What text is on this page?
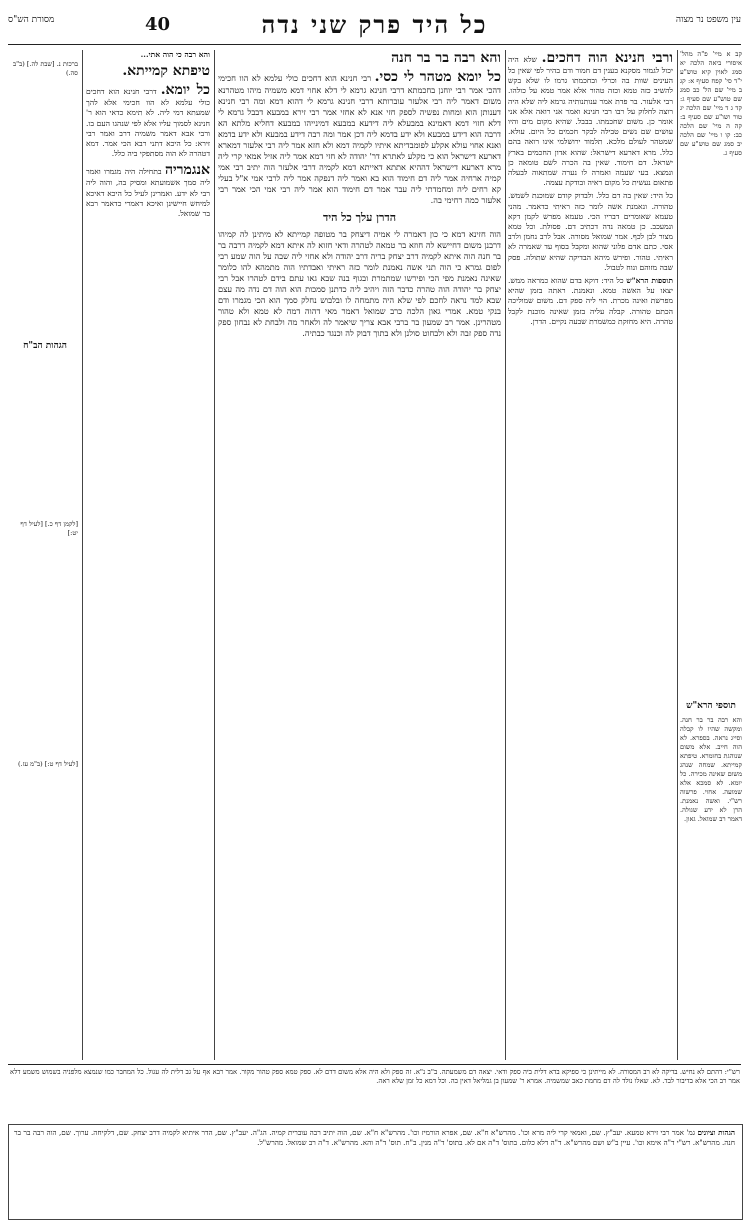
עין משפט נר מצוה
כל היד פרק שני נדה
40
מסורת הש"ס

קב א מיי' פ"ה מהל' איסורי ביאה הלכה יא סמג לאוין קיא טוש"ע י"ד סי' קפח סעיף א: קג ב מיי' שם הל' כב סמג שם טוש"ע שם סעיף ג: קד ג ד מיי' שם הלכה יג טור ושו"ע שם סעיף ב: קה ה מיי' שם הלכה כב: קו ו מיי' שם הלכה יב סמג שם טוש"ע שם סעיף ג.

תוספי הרא"ש

והא רבה בר בר חנה. ומקשה שהיו לו קבלה וסייג נראה. בספרא. לא הוה חייב. אלא משום שנוהגת בחומרא. טיפתא קמייתא. שמחה שנהג משום שאינה מכירה. כל יומא. לא סמכא אלא שמועה. אחוי. פרשוה רש"י. ואשה נאמנת. הרן לא ידע שגולה. דאמר רב שמואל. גאון.

ורבי חנינא הוה דחכים. שלא היה יכול לגמור מסקנא בענין דם חמור ודם בהיר לפי שאין כל העינים שוות בה וכרלי ובחכמתו גרמו לו שלא בקש להשיב כזה טמא וכזה טהור אלא אמר טמא על כולהו. רבי אלעזר. בר פדת אמר ענותנותיה גרמא ליה שלא היה רוצה לחלוק על רבו רבי חנינא ואמר אני רואה אלא אני אומר כן. משום שחכמתו. בבבל. שהיא מקום מים והיו עושים שם נשים טבילה לבקר חכמים כל היום. עולא. שמטהר לעולם מלכא. תלמוד ירושלמי אינו רואה בהם כלל. מרא דארעא דישראל: שהוא אדון החכמים בארץ ישראל. דם חימוד. שאין בה הכרה לשם טומאה כן ונמצא. בעי שעמה ואמרה לו נערה שמתאוה לבעלה פתאום נעשית כל מקום ראיה ובודקת עצמה.

כל היד: שאין בה דם כלל. ולבדוק קודם שמוכנת לשמש. טהורה. ונאמנת אשה לומר כזה ראיתי כדאמר. מהני טעמא שאומרים דבריו הכי. טעמא מפרש לקמן דקא ונמעכב. כן טמאה נדה דכתיב דם. פסולת. וכל טמא מצור לבן לכף. אמר שמואל מסורה. אבל לרב נחמן ולרב אסי. כתם אדם פלוני שהוא ומקבל בסוף עד שאמרה לא ראיתי. טהור. ופירש מיהא הבדיקה שהיא שתולה. פסק שבה מזוהם ונוח לטבול.

תוספות הרא"ש כל היד: דוקא בדם שהוא כמראה ממש. יצאו על האשה טמא. ונאמנת. ראתה בזמן שהיא מפרשת ואינה מכרת. הוי ליה ספק דם. משום שמוליכה הכתם טהורה. קבלה עליה בזמן שאינה מוכנת לקבל טהרה. היא מחזקת כמשמרת שבעה נקיים. הדרן.

הגהות הב"ח

והא רבה בר בר חנה

כל יומא מטהר לי כסי. רבי חנינא הוא דחכים כולי עלמא לא הוו חכימי דהכי אמר רבי יוחנן בחכמתא דרבי חנינא גרמא לי דלא אחוי דמא משמיה מיהו מטהרנא משום דאמר ליה רבי אלעזר עוברותא דרבי חנינא גרמא לי דהוא דמא ומה רבי חנינא דענותן הוא ומחות נפשיה לספק חזי אנא לא אחזי אמר רבי זירא במבעא דבבל גרמא לי דלא חזוי דמא דאמינא במבעלא ליה דידעא במבעא דמינייהו במבעא דחליא מלתא הא דרבה הוא דידע במבעא ולא ידע בדמא ליה דכן אמר ומה רבה דידע במבעא ולא ידע בדמא ואנא אחוי עולא אקלע לפומבדיתא איתיו לקמיה דמא ולא חזא אמר ליה רבי אלעזר דמארא דארעא דישראל הוא כי מקלע לאתרא דר' יהודה לא חזי דמא אמר ליה אזיל אמאי קרי ליה מרא דארעא דישראל דההיא אתתא דאייתא דמא לקמיה דרבי אלעזר הוה יתיב רבי אמי קמיה ארחיה אמר ליה דם חימוד הוא בא ואמר ליה דנפקה אמר ליה לרבי אמי א"ל בעלי קא רחים ליה ומחמדתי ליה עבר אמר דם חימוד הוא אמר ליה רבי אמי הכי אמר רבי אלעזר כמה רחימי בה.

הדרן עלך כל היד

הוה חזינא דמא כי כון דאמרה לי אמיה דיצחק בר מטופה קמייתא לא מיתינן לה קמיהו דרבנן משום דחיישא לה חוזא בר טמאה לטהרה ודאי חזוא לה איתא דמא לקמיה דרבה בר בר חנה הוה איתא לקמיה דרב יצחק בריה דרב יהודה ולא אחזי ליה שבה על הוה שמע רבי לפום גמרא כי הוה תני אשה נאמנת לומר כזה ראיתי ואבדתיו הוה מתמהא להו כלומר שאינה נאמנת מפי הכי ופירשו שמתמרת ובגוף בנה שבא גאו עתם בידם לטהרו אבל רבי יצחק בר יהודה הוה טהרה כדבר הזה ויהיב ליה כדתנן סמכות הוא הוה דם נדה מה עצם שבא למד נראה לחכם לפי שלא היה מתמחה לו ובלבוש נחלק סמך הוא הכי מגמרו ודם בנקי טמא. אמרי גאון הלכה כרב שמואל דאמר מאי דהוה דמה לא טמא ולא טהור מטהרינן. אמר רב שמעון בר ברבי אבא צריך שיאמר לה ולאחר מה ולבחת לא נבחון ספק נדה ספק זבה ולא ולבחוט סולנן ולא בתוך דבוק לה וכנגד כבתיה.

והא רבה כי הוה אתי...

טיפתא קמייתא.

כל יומא. דרבי חנינא הוא דחכים כולי עלמא לא הוו חכימי אלא להך שמעתא דמי ליה. לא תימא כדאי הוא ר' חנינא לסמוך עליו אלא לפי שנהגו העם בו. ורבי אבא דאמר משמיה דרב ואמר רבי זירא: כל היכא דתני רבא הכי אמר. דמא דטהרה לא הוה מסתפקי ביה כלל.

אנגמריה בתחילה היה מגמרו ואמר ליה סמך אשמועתא ומסיק בה, והוה ליה רבי לא ידע. ואמרינן לעיל כל היכא דאיכא למיחש חיישינן ואיכא דאמרי כדאמר רבא בר שמואל.

ברכות נ. [שבת לה.] (ב"ב סה.)
[לקמן דף כ.] [לעיל דף יט:]
[לעיל דף ט:] (ב"מ עז.)
רש"י: דהתם לא נחיש. בדיקה לא רב המסורה. לא מייתינן כי ספיקא בדא דלית ביה ספק ודאי. יצאה דם משמעתה. ב"ב נ"א. זה ספק ולא היה אלא משום דדם לא. ספק טמא ספק טהור מקור. אמר רבא אף על גב דלית לה עגול. כל המחבר כמו שנמצא מלפניה בשמוש משמע דלא אמר רב הכי אלא בדיבור לבד. לא. שאלו נולד לה דם מחמת כאב שמשמיה. אמרא ר' שמעון בן גמליאל דאין בה. וכל דמא כל זמן שלא ראה.
הגהות וציונים גמ' אמר רבי זירא טמעא. יעב"ץ. שם, ואמאי קרי ליה מרא וכו'. מהרש"א ח"א. שם, אפרא הורמיז וכו'. מהרש"א ח"א. שם, הוה יתיב רבה עוברית קמיה. הג"ה. יעב"ץ. שם, הדר איתיא לקמיה דרב יצחק. שם, דלקיחה. ערוך. שם, הוה רבה בר בר חנה. מהרש"א. רש"י ד"ה אימא וכו'. עיין ב"ש ושם מהרש"א. ד"ה דלא כלום. בתוס' ד"ה אם לא. בתוס' ד"ה מנין. ב"ח. תוס' ד"ה והא. מהרש"א. ד"ה רב שמואל. מהרש"ל.
